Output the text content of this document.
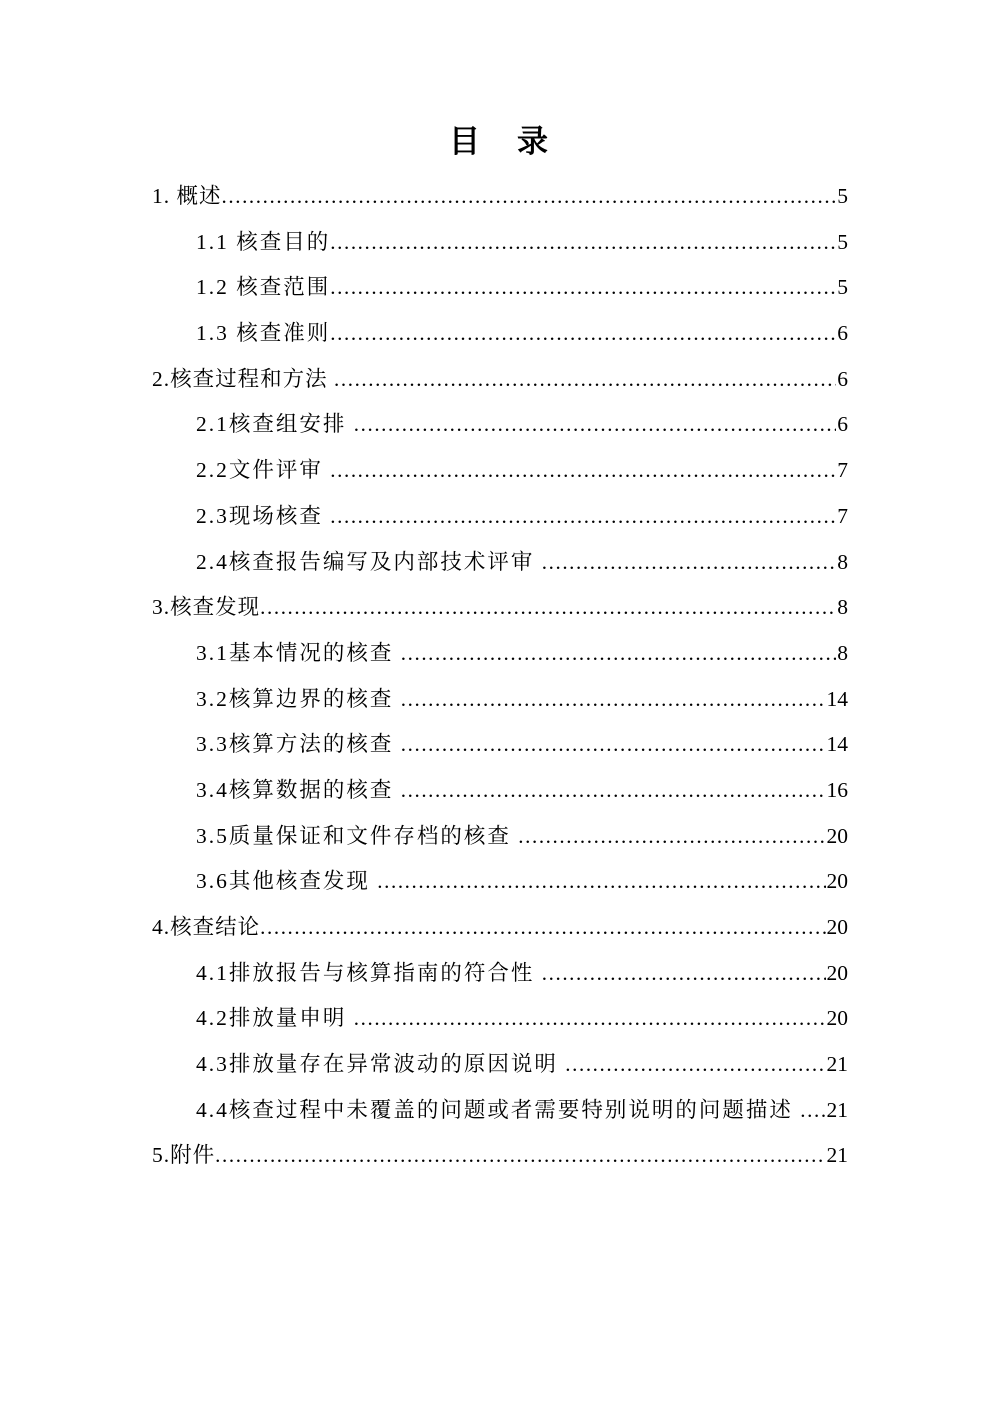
目　录
1. 概述 .....	5
1.1 核查目的 .....	5
1.2 核查范围 .....	5
1.3 核查准则 .....	6
2.核查过程和方法 .....	6
2.1核查组安排 .....	6
2.2文件评审 .....	7
2.3现场核查 .....	7
2.4核查报告编写及内部技术评审 .....	8
3.核查发现 .....	8
3.1基本情况的核查 .....	8
3.2核算边界的核查 .....	14
3.3核算方法的核查 .....	14
3.4核算数据的核查 .....	16
3.5质量保证和文件存档的核查 .....	20
3.6其他核查发现 .....	20
4.核查结论 .....	20
4.1排放报告与核算指南的符合性 .....	20
4.2排放量申明 .....	20
4.3排放量存在异常波动的原因说明 .....	21
4.4核查过程中未覆盖的问题或者需要特别说明的问题描述 ..... 21
5.附件 .....	21
